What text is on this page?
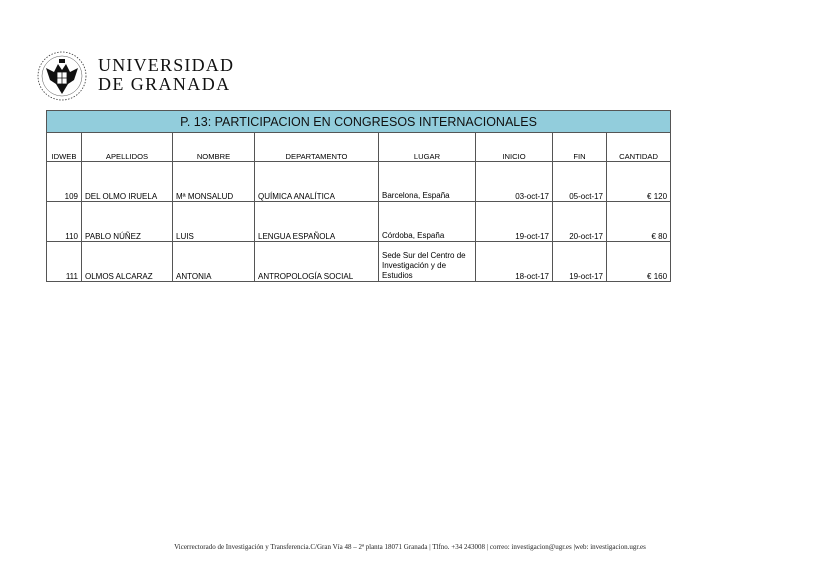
UNIVERSIDAD
DE GRANADA
P. 13: PARTICIPACION EN CONGRESOS INTERNACIONALES							
IDWEB	APELLIDOS	NOMBRE	DEPARTAMENTO	LUGAR	INICIO	FIN	CANTIDAD
109	DEL OLMO IRUELA	Mª MONSALUD	QUÍMICA ANALÍTICA	Barcelona, España	03-oct-17	05-oct-17	€ 120
110	PABLO NÚÑEZ	LUIS	LENGUA ESPAÑOLA	Córdoba, España	19-oct-17	20-oct-17	€ 80
111	OLMOS ALCARAZ	ANTONIA	ANTROPOLOGÍA SOCIAL	Sede Sur del Centro de Investigación y de Estudios	18-oct-17	19-oct-17	€ 160
Vicerrectorado de Investigación y Transferencia.C/Gran Vía 48 – 2ª planta 18071 Granada | Tlfno. +34 243008 | correo: investigacion@ugr.es |web: investigacion.ugr.es
